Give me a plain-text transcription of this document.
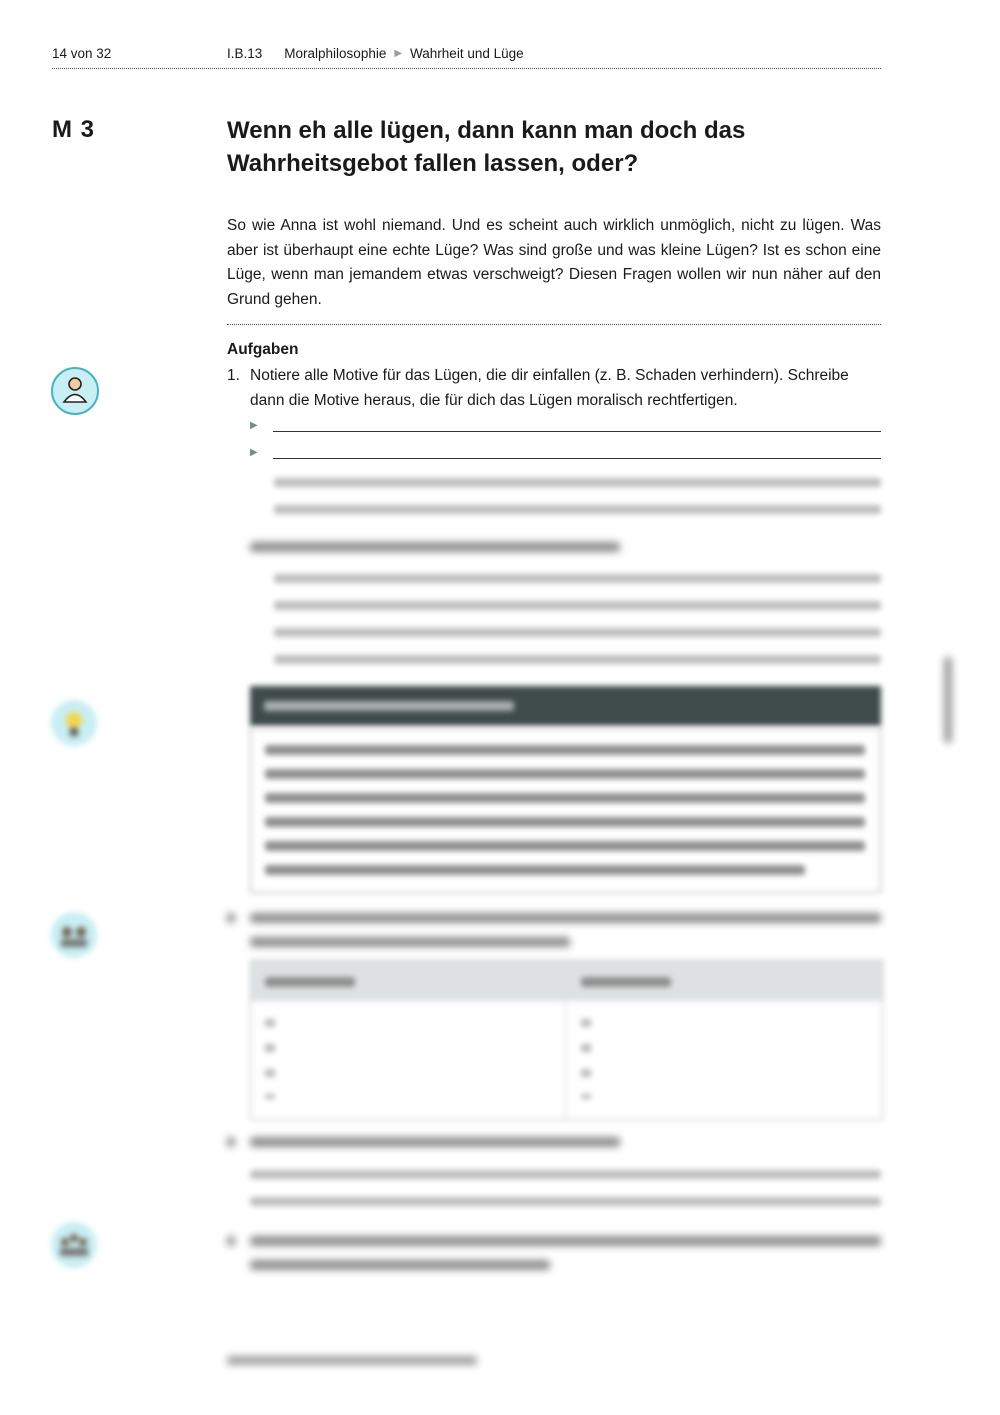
14 von 32	I.B.13 Moralphilosophie ▶ Wahrheit und Lüge
M 3	Wenn eh alle lügen, dann kann man doch das
Wahrheitsgebot fallen lassen, oder?
So wie Anna ist wohl niemand. Und es scheint auch wirklich unmöglich, nicht zu lügen. Was aber ist überhaupt eine echte Lüge? Was sind große und was kleine Lügen? Ist es schon eine Lüge, wenn man jemandem etwas verschweigt? Diesen Fragen wollen wir nun näher auf den Grund gehen.
Aufgaben
1. Notiere alle Motive für das Lügen, die dir einfallen (z. B. Schaden verhindern). Schreibe dann die Motive heraus, die für dich das Lügen moralisch rechtfertigen.
▶
▶
